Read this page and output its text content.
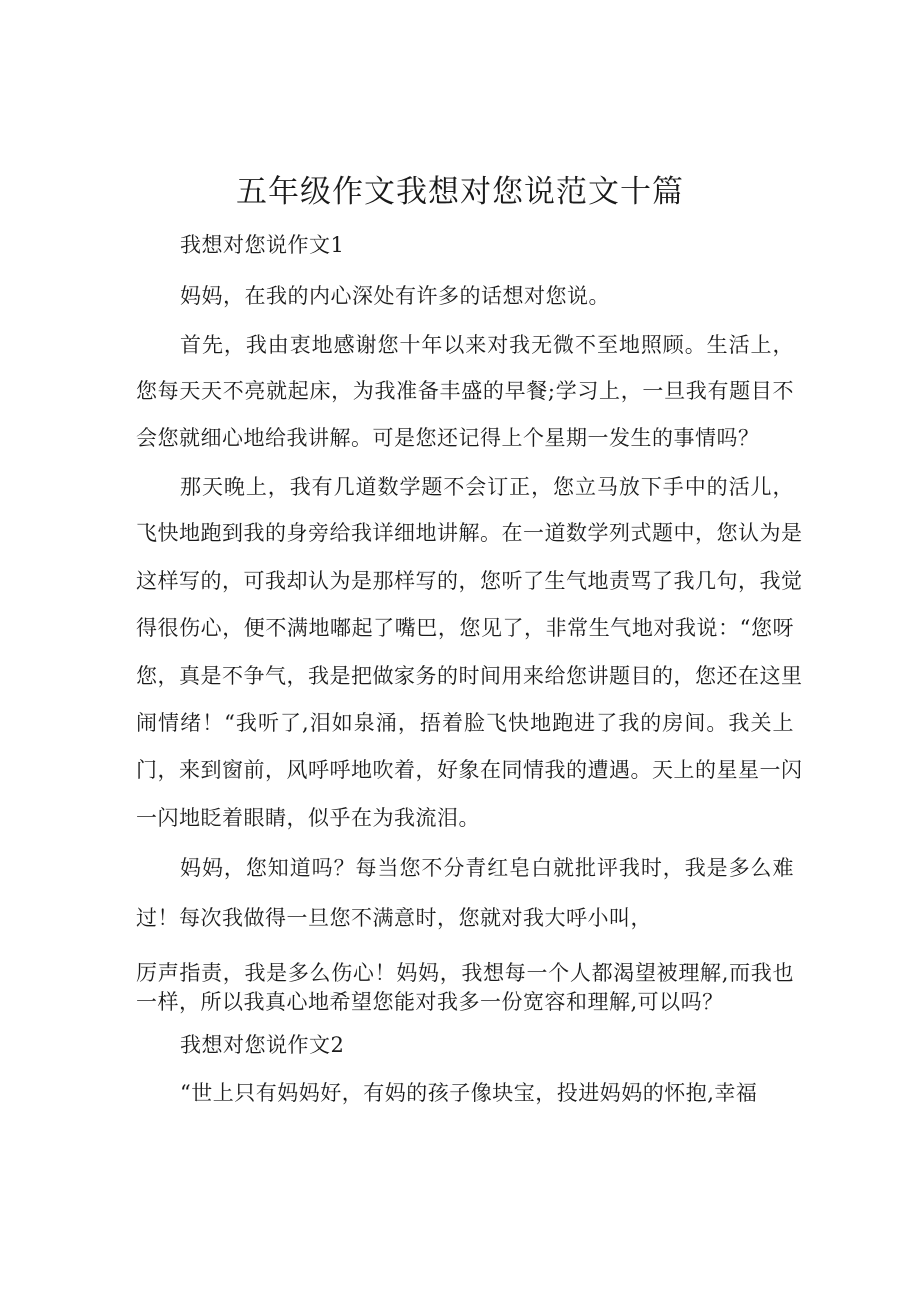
五年级作文我想对您说范文十篇

我想对您说作文1

妈妈，在我的内心深处有许多的话想对您说。

首先，我由衷地感谢您十年以来对我无微不至地照顾。生活上，

您每天天不亮就起床，为我准备丰盛的早餐;学习上，一旦我有题目不

会您就细心地给我讲解。可是您还记得上个星期一发生的事情吗？

那天晚上，我有几道数学题不会订正，您立马放下手中的活儿，

飞快地跑到我的身旁给我详细地讲解。在一道数学列式题中，您认为是

这样写的，可我却认为是那样写的，您听了生气地责骂了我几句，我觉

得很伤心，便不满地嘟起了嘴巴，您见了，非常生气地对我说：“您呀

您，真是不争气，我是把做家务的时间用来给您讲题目的，您还在这里

闹情绪！“我听了,泪如泉涌，捂着脸飞快地跑进了我的房间。我关上

门，来到窗前，风呼呼地吹着，好象在同情我的遭遇。天上的星星一闪

一闪地眨着眼睛，似乎在为我流泪。

妈妈，您知道吗？每当您不分青红皂白就批评我时，我是多么难

过！每次我做得一旦您不满意时，您就对我大呼小叫，

厉声指责，我是多么伤心！妈妈，我想每一个人都渴望被理解,而我也

一样，所以我真心地希望您能对我多一份宽容和理解,可以吗？

我想对您说作文2

“世上只有妈妈好，有妈的孩子像块宝，投进妈妈的怀抱,幸福
